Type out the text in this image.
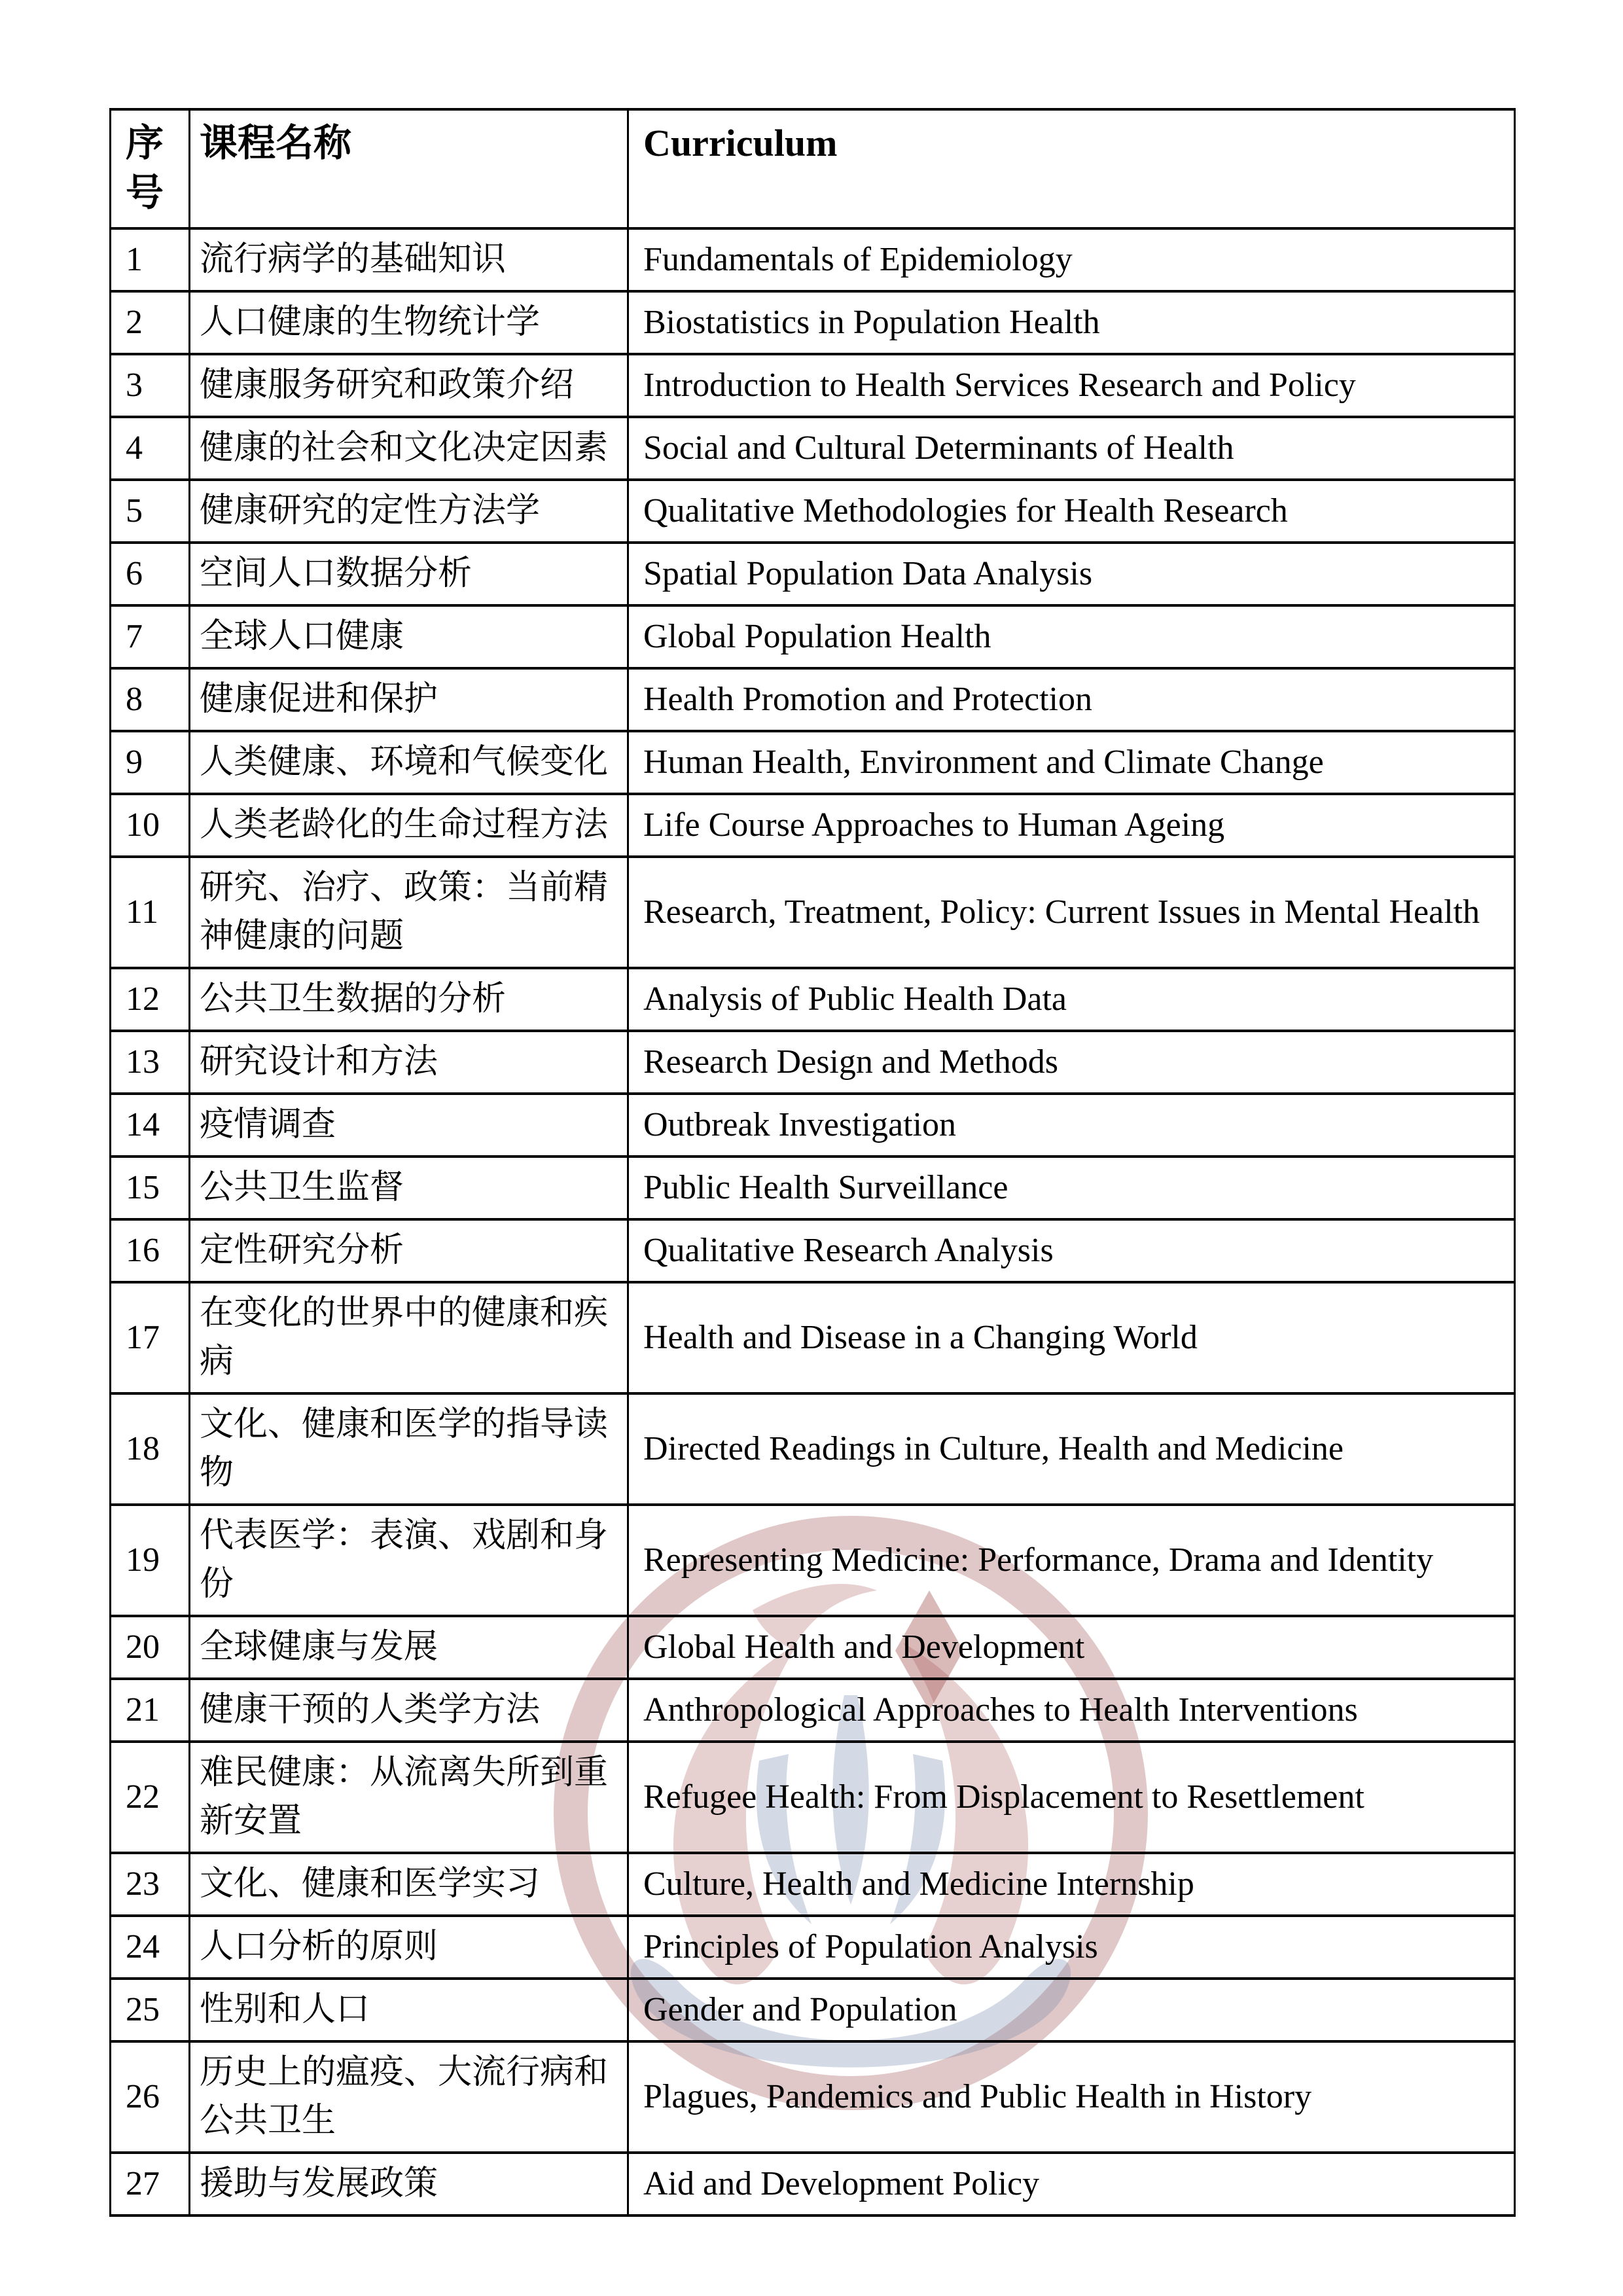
序号	课程名称	Curriculum
1	流行病学的基础知识	Fundamentals of Epidemiology
2	人口健康的生物统计学	Biostatistics in Population Health
3	健康服务研究和政策介绍	Introduction to Health Services Research and Policy
4	健康的社会和文化决定因素	Social and Cultural Determinants of Health
5	健康研究的定性方法学	Qualitative Methodologies for Health Research
6	空间人口数据分析	Spatial Population Data Analysis
7	全球人口健康	Global Population Health
8	健康促进和保护	Health Promotion and Protection
9	人类健康、环境和气候变化	Human Health, Environment and Climate Change
10	人类老龄化的生命过程方法	Life Course Approaches to Human Ageing
11	研究、治疗、政策：当前精神健康的问题	Research, Treatment, Policy: Current Issues in Mental Health
12	公共卫生数据的分析	Analysis of Public Health Data
13	研究设计和方法	Research Design and Methods
14	疫情调查	Outbreak Investigation
15	公共卫生监督	Public Health Surveillance
16	定性研究分析	Qualitative Research Analysis
17	在变化的世界中的健康和疾病	Health and Disease in a Changing World
18	文化、健康和医学的指导读物	Directed Readings in Culture, Health and Medicine
19	代表医学：表演、戏剧和身份	Representing Medicine: Performance, Drama and Identity
20	全球健康与发展	Global Health and Development
21	健康干预的人类学方法	Anthropological Approaches to Health Interventions
22	难民健康：从流离失所到重新安置	Refugee Health: From Displacement to Resettlement
23	文化、健康和医学实习	Culture, Health and Medicine Internship
24	人口分析的原则	Principles of Population Analysis
25	性别和人口	Gender and Population
26	历史上的瘟疫、大流行病和公共卫生	Plagues, Pandemics and Public Health in History
27	援助与发展政策	Aid and Development Policy
